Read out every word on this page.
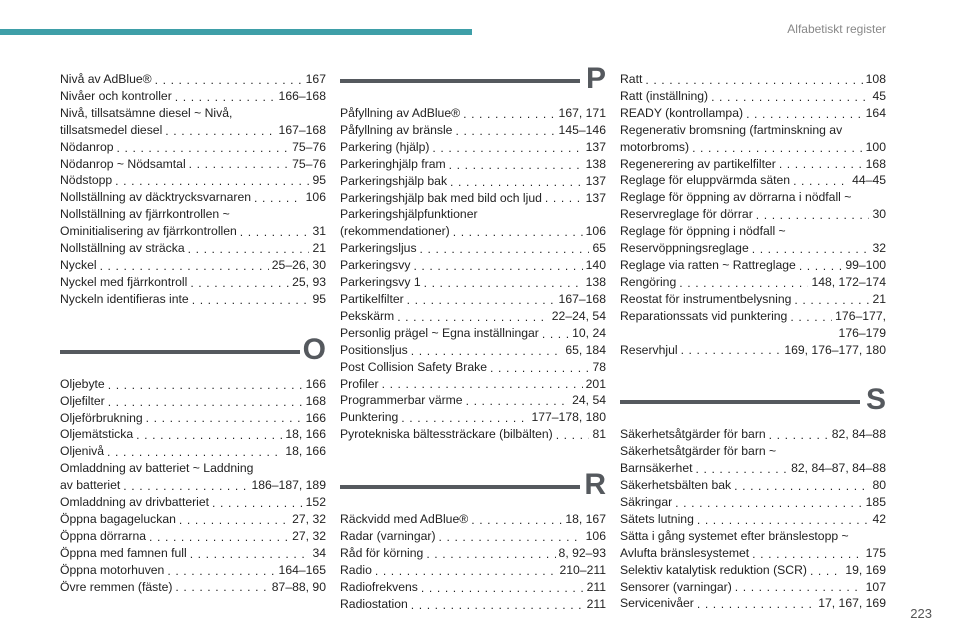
Alfabetiskt register
Nivå av AdBlue® . . .	167
Nivåer och kontroller . . .	166–168
Nivå, tillsatsämne diesel ~ Nivå,
tillsatsmedel diesel . . .	167–168
Nödanrop . . .	75–76
Nödanrop ~ Nödsamtal . . .	75–76
Nödstopp . . .	95
Nollställning av däcktrycksvarnaren . . .	106
Nollställning av fjärrkontrollen ~
Ominitialisering av fjärrkontrollen . . .	31
Nollställning av sträcka . . .	21
Nyckel . . .	25–26, 30
Nyckel med fjärrkontroll . . .	25, 93
Nyckeln identifieras inte . . .	95
O
Oljebyte . . .	166
Oljefilter . . .	168
Oljeförbrukning . . .	166
Oljemätsticka . . .	18, 166
Oljenivå . . .	18, 166
Omladdning av batteriet ~ Laddning
av batteriet . . .	186–187, 189
Omladdning av drivbatteriet . . .	152
Öppna bagageluckan . . .	27, 32
Öppna dörrarna . . .	27, 32
Öppna med famnen full . . .	34
Öppna motorhuven . . .	164–165
Övre remmen (fäste) . . .	87–88, 90
P
Påfyllning av AdBlue® . . .	167, 171
Påfyllning av bränsle . . .	145–146
Parkering (hjälp) . . .	137
Parkeringhjälp fram . . .	138
Parkeringshjälp bak . . .	137
Parkeringshjälp bak med bild och ljud . . .	137
Parkeringshjälpfunktioner
(rekommendationer) . . .	106
Parkeringsljus . . .	65
Parkeringsvy . . .	140
Parkeringsvy 1 . . .	138
Partikelfilter . . .	167–168
Pekskärm . . .	22–24, 54
Personlig prägel ~ Egna inställningar . . .	10, 24
Positionsljus . . .	65, 184
Post Collision Safety Brake . . .	78
Profiler . . .	201
Programmerbar värme . . .	24, 54
Punktering . . .	177–178, 180
Pyrotekniska bältessträckare (bilbälten) . . .	81
R
Räckvidd med AdBlue® . . .	18, 167
Radar (varningar) . . .	106
Råd för körning . . .	8, 92–93
Radio . . .	210–211
Radiofrekvens . . .	211
Radiostation . . .	211
Ratt . . .	108
Ratt (inställning) . . .	45
READY (kontrollampa) . . .	164
Regenerativ bromsning (fartminskning av
motorbroms) . . .	100
Regenerering av partikelfilter . . .	168
Reglage för eluppvärmda säten . . .	44–45
Reglage för öppning av dörrarna i nödfall ~
Reservreglage för dörrar . . .	30
Reglage för öppning i nödfall ~
Reservöppningsreglage . . .	32
Reglage via ratten ~ Rattreglage . . .	99–100
Rengöring . . .	148, 172–174
Reostat för instrumentbelysning . . .	21
Reparationssats vid punktering . . .	176–177,
176–179
Reservhjul . . .	169, 176–177, 180
S
Säkerhetsåtgärder för barn . . .	82, 84–88
Säkerhetsåtgärder för barn ~
Barnsäkerhet . . .	82, 84–87, 84–88
Säkerhetsbälten bak . . .	80
Säkringar . . .	185
Sätets lutning . . .	42
Sätta i gång systemet efter bränslestopp ~
Avlufta bränslesystemet . . .	175
Selektiv katalytisk reduktion (SCR) . . .	19, 169
Sensorer (varningar) . . .	107
Servicenivåer . . .	17, 167, 169
223
